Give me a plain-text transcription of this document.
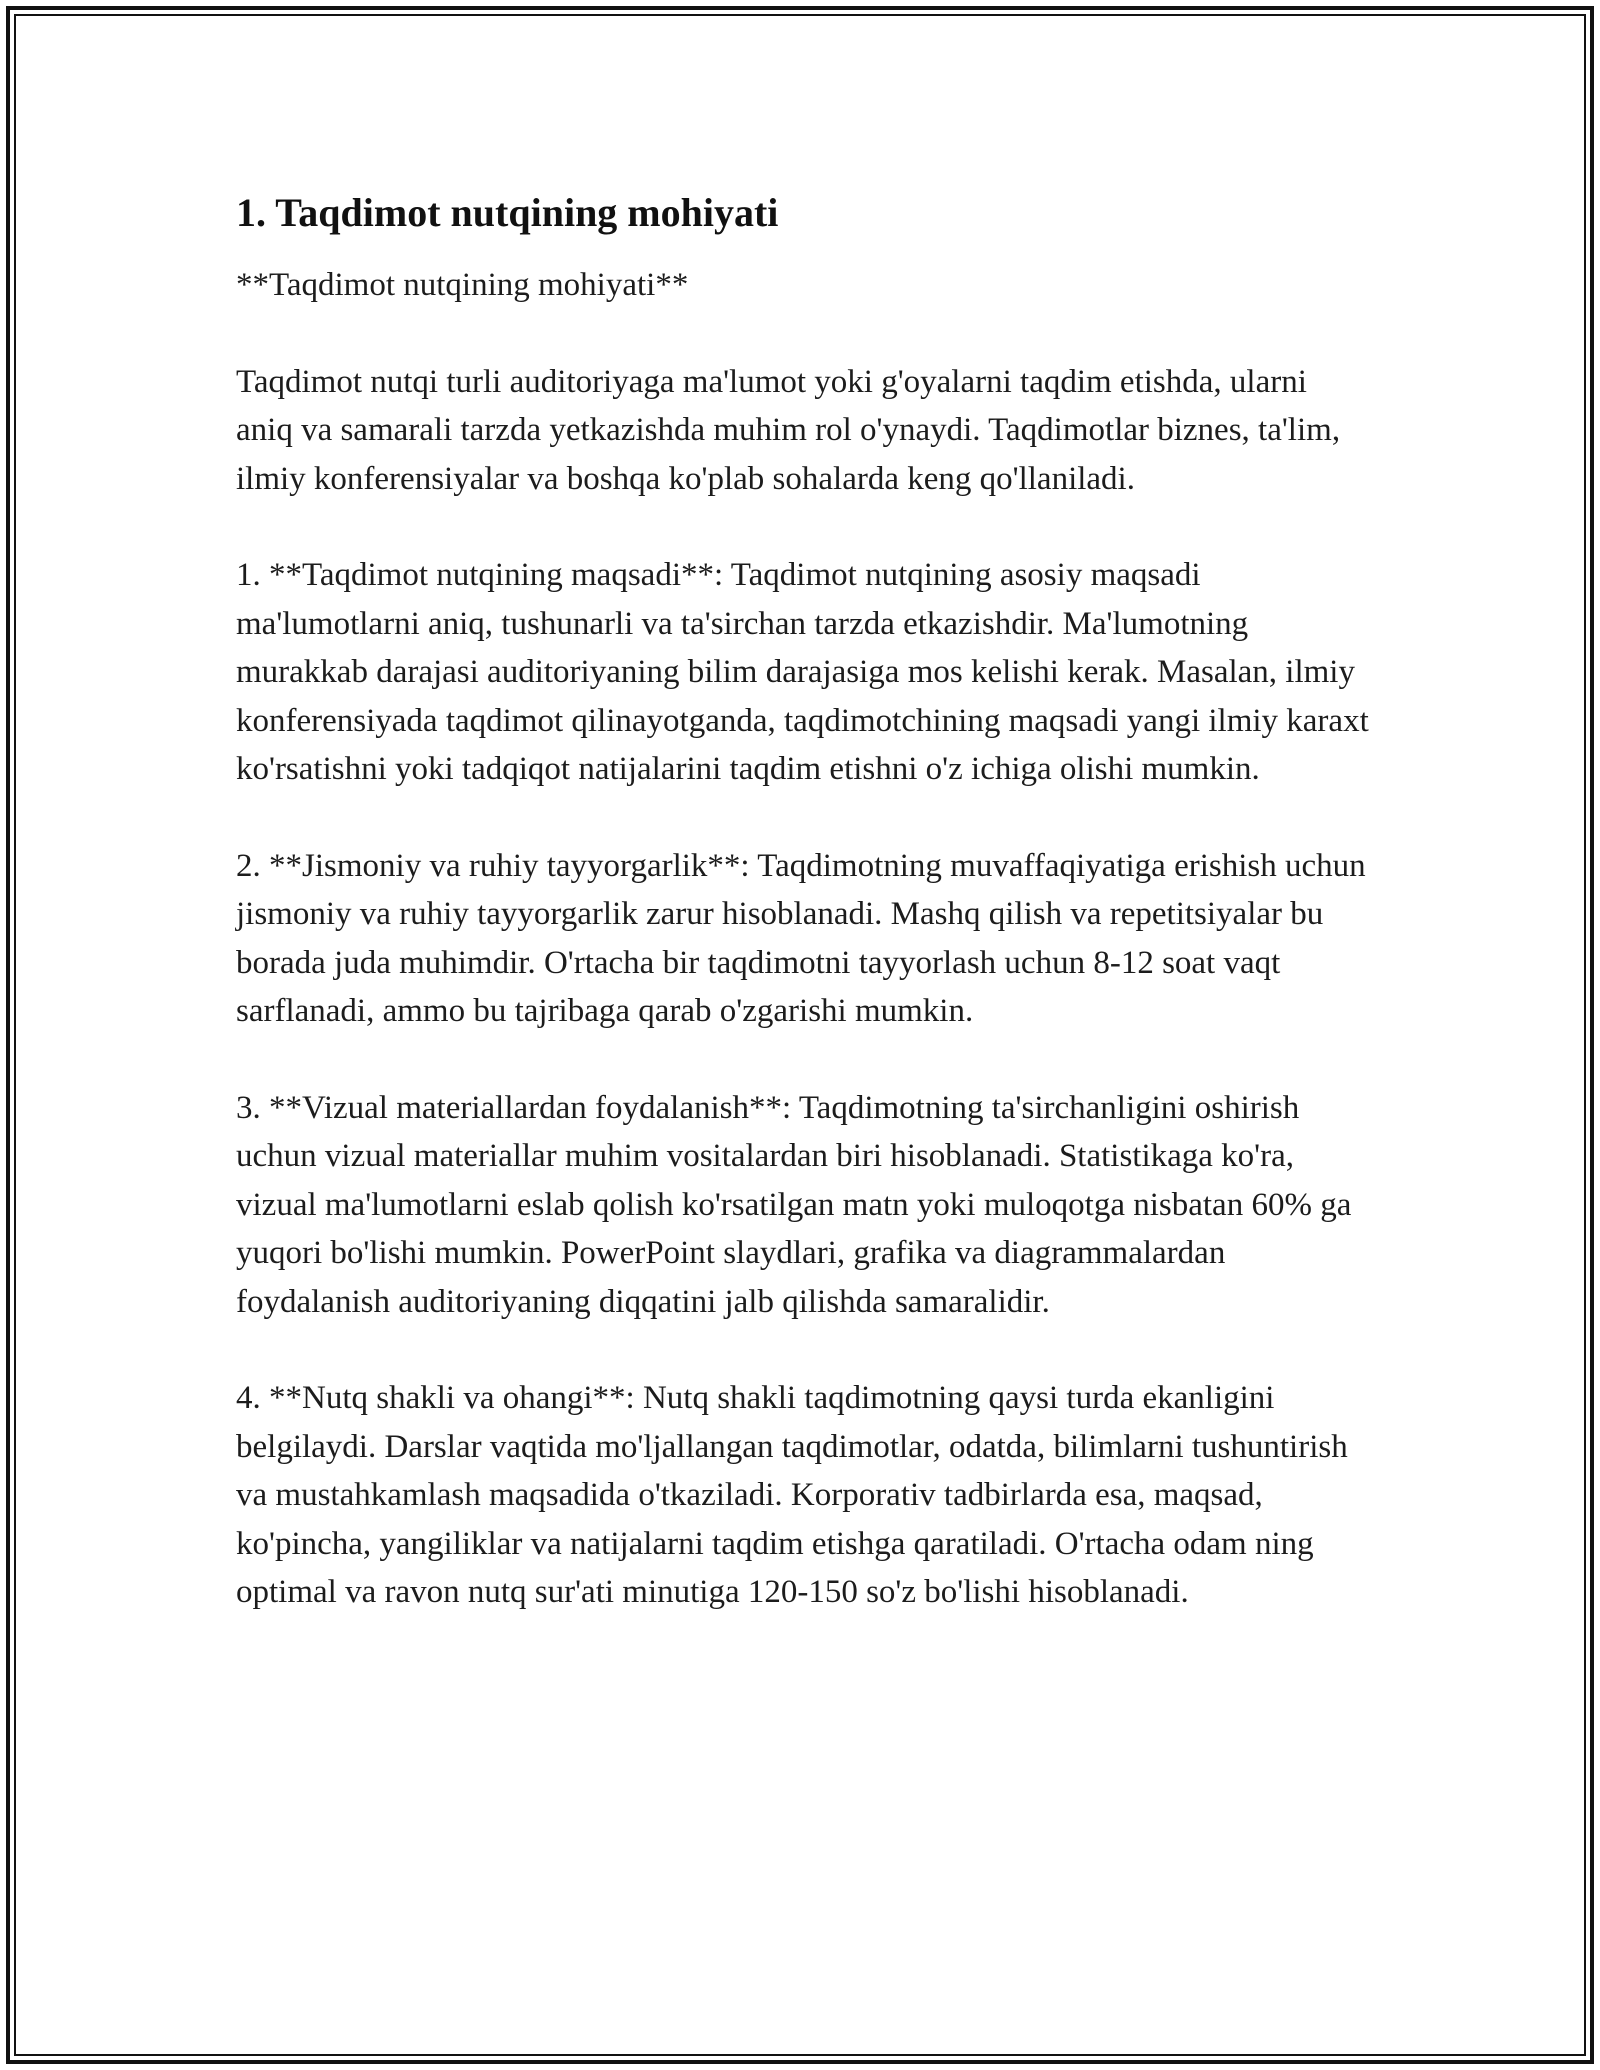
1. Taqdimot nutqining mohiyati

**Taqdimot nutqining mohiyati**

Taqdimot nutqi turli auditoriyaga ma'lumot yoki g'oyalarni taqdim etishda, ularni aniq va samarali tarzda yetkazishda muhim rol o'ynaydi. Taqdimotlar biznes, ta'lim, ilmiy konferensiyalar va boshqa ko'plab sohalarda keng qo'llaniladi.

1. **Taqdimot nutqining maqsadi**: Taqdimot nutqining asosiy maqsadi ma'lumotlarni aniq, tushunarli va ta'sirchan tarzda etkazishdir. Ma'lumotning murakkab darajasi auditoriyaning bilim darajasiga mos kelishi kerak. Masalan, ilmiy konferensiyada taqdimot qilinayotganda, taqdimotchining maqsadi yangi ilmiy karaxt ko'rsatishni yoki tadqiqot natijalarini taqdim etishni o'z ichiga olishi mumkin.

2. **Jismoniy va ruhiy tayyorgarlik**: Taqdimotning muvaffaqiyatiga erishish uchun jismoniy va ruhiy tayyorgarlik zarur hisoblanadi. Mashq qilish va repetitsiyalar bu borada juda muhimdir. O'rtacha bir taqdimotni tayyorlash uchun 8-12 soat vaqt sarflanadi, ammo bu tajribaga qarab o'zgarishi mumkin.

3. **Vizual materiallardan foydalanish**: Taqdimotning ta'sirchanligini oshirish uchun vizual materiallar muhim vositalardan biri hisoblanadi. Statistikaga ko'ra, vizual ma'lumotlarni eslab qolish ko'rsatilgan matn yoki muloqotga nisbatan 60% ga yuqori bo'lishi mumkin. PowerPoint slaydlari, grafika va diagrammalardan foydalanish auditoriyaning diqqatini jalb qilishda samaralidir.

4. **Nutq shakli va ohangi**: Nutq shakli taqdimotning qaysi turda ekanligini belgilaydi. Darslar vaqtida mo'ljallangan taqdimotlar, odatda, bilimlarni tushuntirish va mustahkamlash maqsadida o'tkaziladi. Korporativ tadbirlarda esa, maqsad, ko'pincha, yangiliklar va natijalarni taqdim etishga qaratiladi. O'rtacha odam ning optimal va ravon nutq sur'ati minutiga 120-150 so'z bo'lishi hisoblanadi.
